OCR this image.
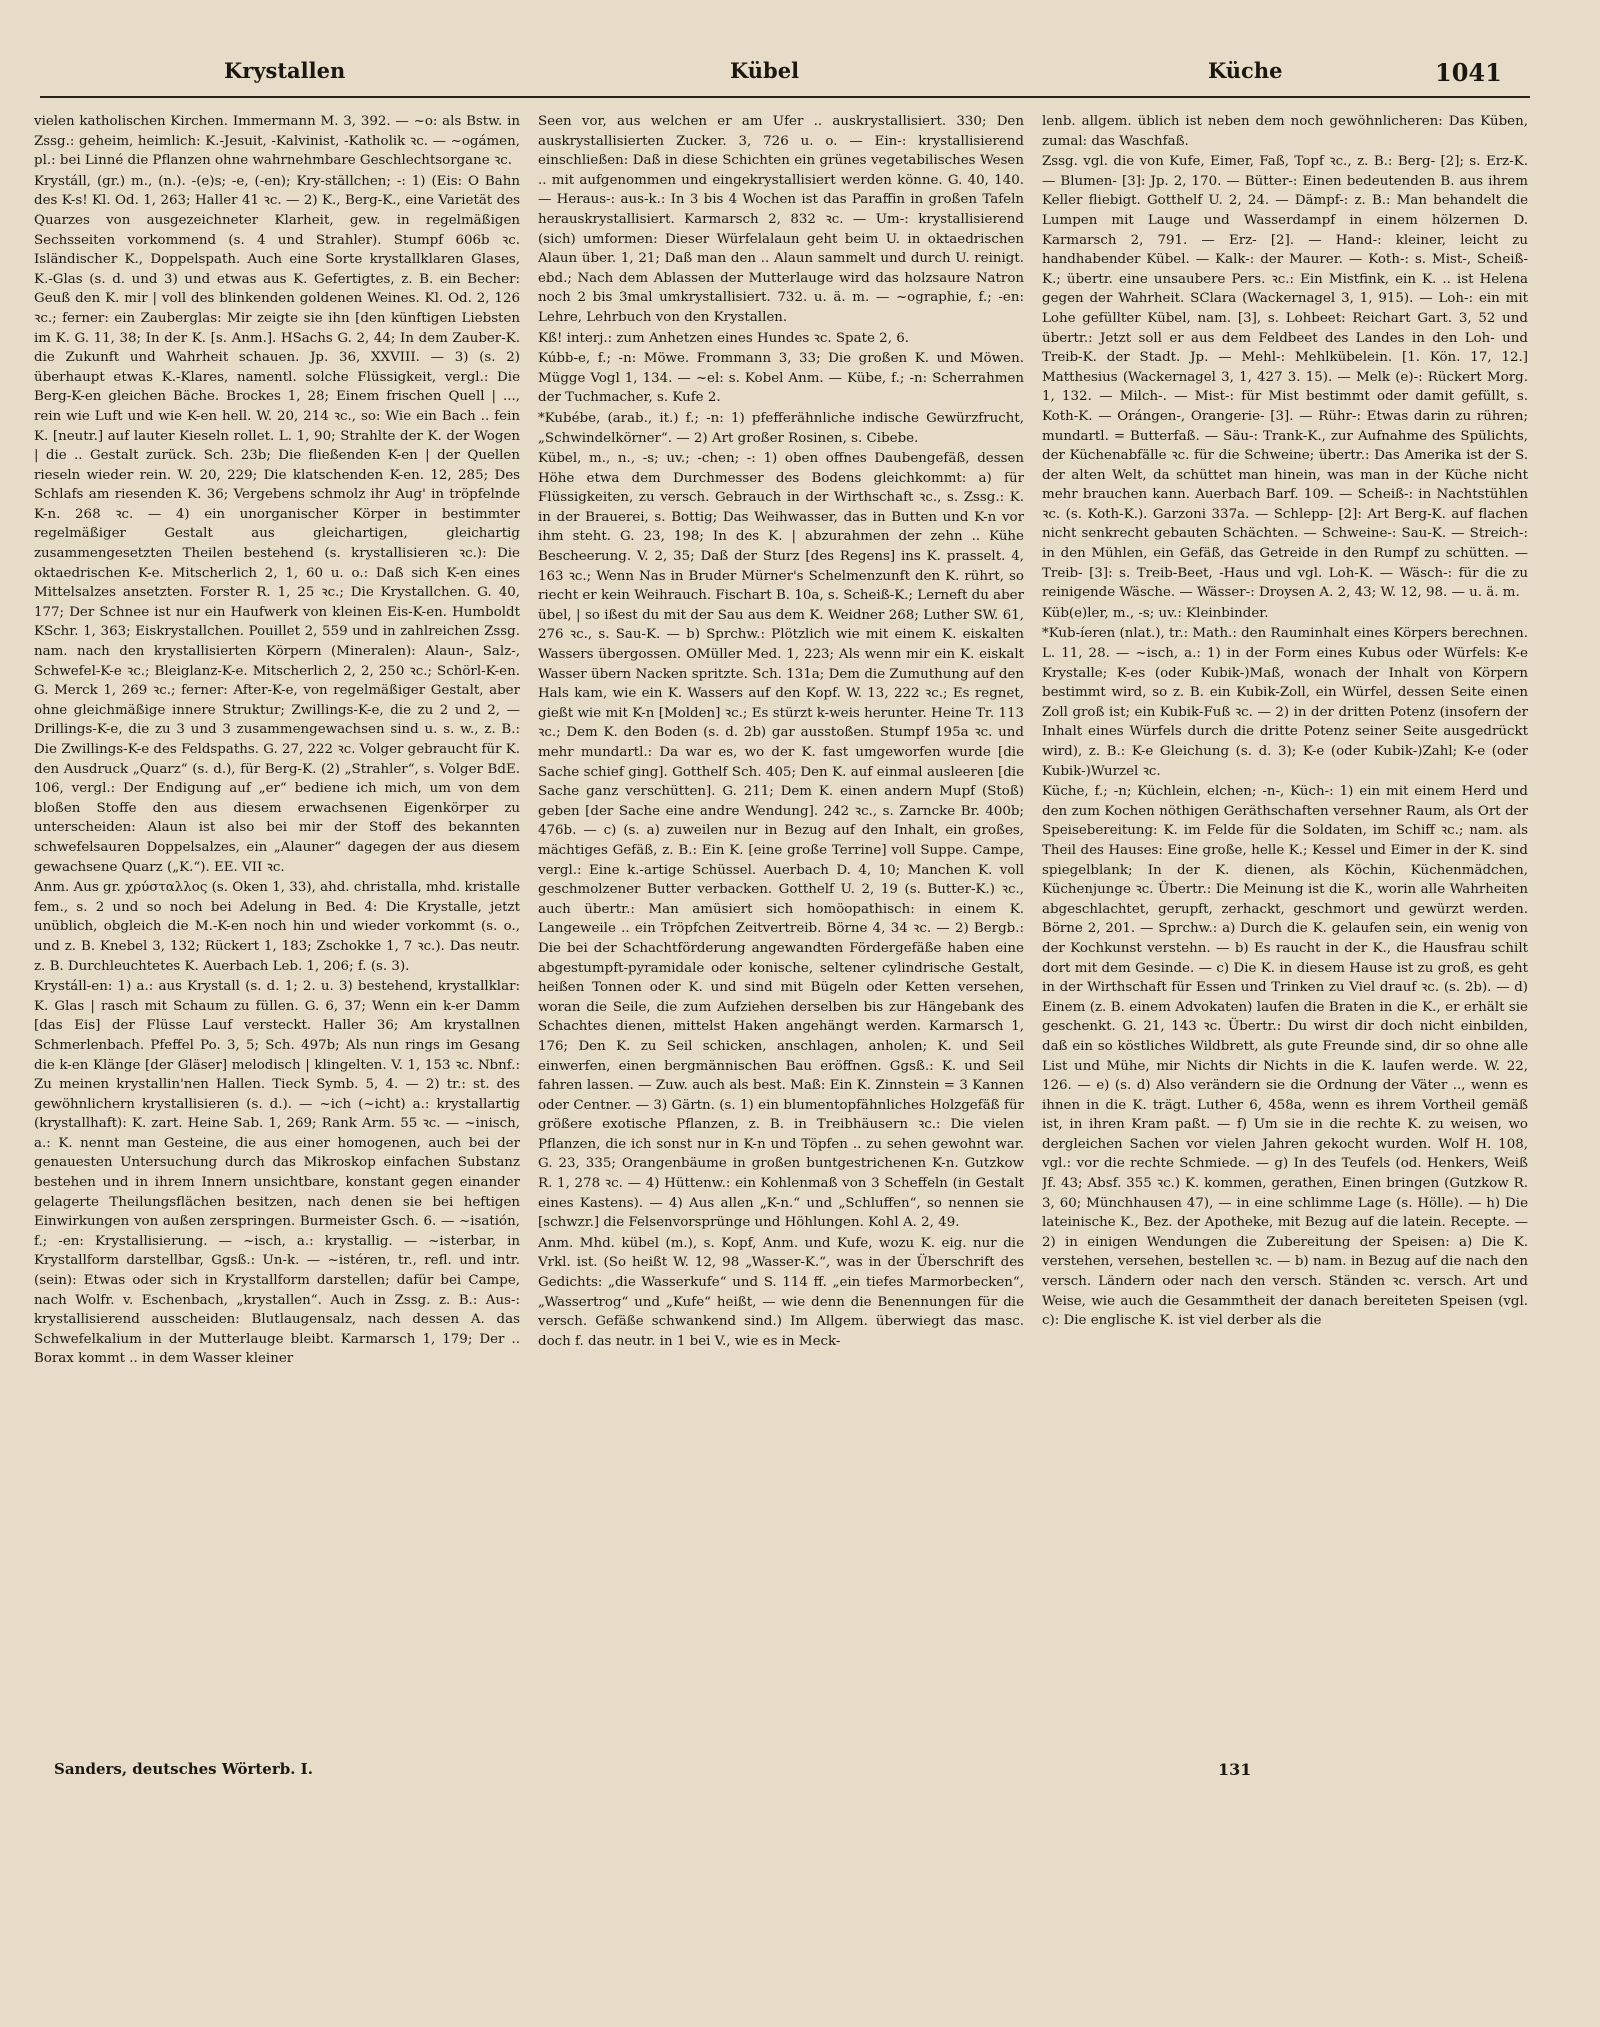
Krystallen	Kübel	Küche	1041

vielen katholischen Kirchen. Immermann M. 3, 392. — ~o: als Bstw. in Zssg.: geheim, heimlich: K.-Jesuit, -Kalvinist, -Katholik ꝛc. — ~ogámen, pl.: bei Linné die Pflanzen ohne wahrnehmbare Geschlechtsorgane ꝛc.

Krystáll, (gr.) m., (n.). -(e)s; -e, (-en); Kry-ställchen; -: 1) (Eis: O Bahn des K-s! Kl. Od. 1, 263; Haller 41 ꝛc. — 2) K., Berg-K., eine Varietät des Quarzes von ausgezeichneter Klarheit, gew. in regelmäßigen Sechsseiten vorkommend (s. 4 und Strahler). Stumpf 606b ꝛc. Isländischer K., Doppelspath. Auch eine Sorte krystallklaren Glases, K.-Glas (s. d. und 3) und etwas aus K. Gefertigtes, z. B. ein Becher: Geuß den K. mir | voll des blinkenden goldenen Weines. Kl. Od. 2, 126 ꝛc.; ferner: ein Zauberglas: Mir zeigte sie ihn [den künftigen Liebsten im K. G. 11, 38; In der K. [s. Anm.]. HSachs G. 2, 44; In dem Zauber-K. die Zukunft und Wahrheit schauen. Jp. 36, XXVIII. — 3) (s. 2) überhaupt etwas K.-Klares, namentl. solche Flüssigkeit, vergl.: Die Berg-K-en gleichen Bäche. Brockes 1, 28; Einem frischen Quell | ..., rein wie Luft und wie K-en hell. W. 20, 214 ꝛc., so: Wie ein Bach .. fein K. [neutr.] auf lauter Kieseln rollet. L. 1, 90; Strahlte der K. der Wogen | die .. Gestalt zurück. Sch. 23b; Die fließenden K-en | der Quellen rieseln wieder rein. W. 20, 229; Die klatschenden K-en. 12, 285; Des Schlafs am riesenden K. 36; Vergebens schmolz ihr Aug' in tröpfelnde K-n. 268 ꝛc. — 4) ein unorganischer Körper in bestimmter regelmäßiger Gestalt aus gleichartigen, gleichartig zusammengesetzten Theilen bestehend (s. krystallisieren ꝛc.): Die oktaedrischen K-e. Mitscherlich 2, 1, 60 u. o.: Daß sich K-en eines Mittelsalzes ansetzten. Forster R. 1, 25 ꝛc.; Die Krystallchen. G. 40, 177; Der Schnee ist nur ein Haufwerk von kleinen Eis-K-en. Humboldt KSchr. 1, 363; Eiskrystallchen. Pouillet 2, 559 und in zahlreichen Zssg. nam. nach den krystallisierten Körpern (Mineralen): Alaun-, Salz-, Schwefel-K-e ꝛc.; Bleiglanz-K-e. Mitscherlich 2, 2, 250 ꝛc.; Schörl-K-en. G. Merck 1, 269 ꝛc.; ferner: After-K-e, von regelmäßiger Gestalt, aber ohne gleichmäßige innere Struktur; Zwillings-K-e, die zu 2 und 2, — Drillings-K-e, die zu 3 und 3 zusammengewachsen sind u. s. w., z. B.: Die Zwillings-K-e des Feldspaths. G. 27, 222 ꝛc. Volger gebraucht für K. den Ausdruck „Quarz“ (s. d.), für Berg-K. (2) „Strahler“, s. Volger BdE. 106, vergl.: Der Endigung auf „er“ bediene ich mich, um von dem bloßen Stoffe den aus diesem erwachsenen Eigenkörper zu unterscheiden: Alaun ist also bei mir der Stoff des bekannten schwefelsauren Doppelsalzes, ein „Alauner“ dagegen der aus diesem gewachsene Quarz („K.“). EE. VII ꝛc.

Anm. Aus gr. χρύσταλλος (s. Oken 1, 33), ahd. christalla, mhd. kristalle fem., s. 2 und so noch bei Adelung in Bed. 4: Die Krystalle, jetzt unüblich, obgleich die M.-K-en noch hin und wieder vorkommt (s. o., und z. B. Knebel 3, 132; Rückert 1, 183; Zschokke 1, 7 ꝛc.). Das neutr. z. B. Durchleuchtetes K. Auerbach Leb. 1, 206; f. (s. 3).

Krystáll-en: 1) a.: aus Krystall (s. d. 1; 2. u. 3) bestehend, krystallklar: K. Glas | rasch mit Schaum zu füllen. G. 6, 37; Wenn ein k-er Damm [das Eis] der Flüsse Lauf versteckt. Haller 36; Am krystallnen Schmerlenbach. Pfeffel Po. 3, 5; Sch. 497b; Als nun rings im Gesang die k-en Klänge [der Gläser] melodisch | klingelten. V. 1, 153 ꝛc. Nbnf.: Zu meinen krystallin'nen Hallen. Tieck Symb. 5, 4. — 2) tr.: st. des gewöhnlichern krystallisieren (s. d.). — ~ich (~icht) a.: krystallartig (krystallhaft): K. zart. Heine Sab. 1, 269; Rank Arm. 55 ꝛc. — ~inisch, a.: K. nennt man Gesteine, die aus einer homogenen, auch bei der genauesten Untersuchung durch das Mikroskop einfachen Substanz bestehen und in ihrem Innern unsichtbare, konstant gegen einander gelagerte Theilungsflächen besitzen, nach denen sie bei heftigen Einwirkungen von außen zerspringen. Burmeister Gsch. 6. — ~isatión, f.; -en: Krystallisierung. — ~isch, a.: krystallig. — ~isterbar, in Krystallform darstellbar, Ggsß.: Un-k. — ~istéren, tr., refl. und intr. (sein): Etwas oder sich in Krystallform darstellen; dafür bei Campe, nach Wolfr. v. Eschenbach, „krystallen“. Auch in Zssg. z. B.: Aus-: krystallisierend ausscheiden: Blutlaugensalz, nach dessen A. das Schwefelkalium in der Mutterlauge bleibt. Karmarsch 1, 179; Der .. Borax kommt .. in dem Wasser kleiner

Seen vor, aus welchen er am Ufer .. auskrystallisiert. 330; Den auskrystallisierten Zucker. 3, 726 u. o. — Ein-: krystallisierend einschließen: Daß in diese Schichten ein grünes vegetabilisches Wesen .. mit aufgenommen und eingekrystallisiert werden könne. G. 40, 140. — Heraus-: aus-k.: In 3 bis 4 Wochen ist das Paraffin in großen Tafeln herauskrystallisiert. Karmarsch 2, 832 ꝛc. — Um-: krystallisierend (sich) umformen: Dieser Würfelalaun geht beim U. in oktaedrischen Alaun über. 1, 21; Daß man den .. Alaun sammelt und durch U. reinigt. ebd.; Nach dem Ablassen der Mutterlauge wird das holzsaure Natron noch 2 bis 3mal umkrystallisiert. 732. u. ä. m. — ~ographie, f.; -en: Lehre, Lehrbuch von den Krystallen.

Kß! interj.: zum Anhetzen eines Hundes ꝛc. Spate 2, 6.

Kúbb-e, f.; -n: Möwe. Frommann 3, 33; Die großen K. und Möwen. Mügge Vogl 1, 134. — ~el: s. Kobel Anm. — Kübe, f.; -n: Scherrahmen der Tuchmacher, s. Kufe 2.

*Kubébe, (arab., it.) f.; -n: 1) pfefferähnliche indische Gewürzfrucht, „Schwindelkörner“. — 2) Art großer Rosinen, s. Cibebe.

Kübel, m., n., -s; uv.; -chen; -: 1) oben offnes Daubengefäß, dessen Höhe etwa dem Durchmesser des Bodens gleichkommt: a) für Flüssigkeiten, zu versch. Gebrauch in der Wirthschaft ꝛc., s. Zssg.: K. in der Brauerei, s. Bottig; Das Weihwasser, das in Butten und K-n vor ihm steht. G. 23, 198; In des K. | abzurahmen der zehn .. Kühe Bescheerung. V. 2, 35; Daß der Sturz [des Regens] ins K. prasselt. 4, 163 ꝛc.; Wenn Nas in Bruder Mürner's Schelmenzunft den K. rührt, so riecht er kein Weihrauch. Fischart B. 10a, s. Scheiß-K.; Lerneft du aber übel, | so ißest du mit der Sau aus dem K. Weidner 268; Luther SW. 61, 276 ꝛc., s. Sau-K. — b) Sprchw.: Plötzlich wie mit einem K. eiskalten Wassers übergossen. OMüller Med. 1, 223; Als wenn mir ein K. eiskalt Wasser übern Nacken spritzte. Sch. 131a; Dem die Zumuthung auf den Hals kam, wie ein K. Wassers auf den Kopf. W. 13, 222 ꝛc.; Es regnet, gießt wie mit K-n [Molden] ꝛc.; Es stürzt k-weis herunter. Heine Tr. 113 ꝛc.; Dem K. den Boden (s. d. 2b) gar ausstoßen. Stumpf 195a ꝛc. und mehr mundartl.: Da war es, wo der K. fast umgeworfen wurde [die Sache schief ging]. Gotthelf Sch. 405; Den K. auf einmal ausleeren [die Sache ganz verschütten]. G. 211; Dem K. einen andern Mupf (Stoß) geben [der Sache eine andre Wendung]. 242 ꝛc., s. Zarncke Br. 400b; 476b. — c) (s. a) zuweilen nur in Bezug auf den Inhalt, ein großes, mächtiges Gefäß, z. B.: Ein K. [eine große Terrine] voll Suppe. Campe, vergl.: Eine k.-artige Schüssel. Auerbach D. 4, 10; Manchen K. voll geschmolzener Butter verbacken. Gotthelf U. 2, 19 (s. Butter-K.) ꝛc., auch übertr.: Man amüsiert sich homöopathisch: in einem K. Langeweile .. ein Tröpfchen Zeitvertreib. Börne 4, 34 ꝛc. — 2) Bergb.: Die bei der Schachtförderung angewandten Fördergefäße haben eine abgestumpft-pyramidale oder konische, seltener cylindrische Gestalt, heißen Tonnen oder K. und sind mit Bügeln oder Ketten versehen, woran die Seile, die zum Aufziehen derselben bis zur Hängebank des Schachtes dienen, mittelst Haken angehängt werden. Karmarsch 1, 176; Den K. zu Seil schicken, anschlagen, anholen; K. und Seil einwerfen, einen bergmännischen Bau eröffnen. Ggsß.: K. und Seil fahren lassen. — Zuw. auch als best. Maß: Ein K. Zinnstein = 3 Kannen oder Centner. — 3) Gärtn. (s. 1) ein blumentopfähnliches Holzgefäß für größere exotische Pflanzen, z. B. in Treibhäusern ꝛc.: Die vielen Pflanzen, die ich sonst nur in K-n und Töpfen .. zu sehen gewohnt war. G. 23, 335; Orangenbäume in großen buntgestrichenen K-n. Gutzkow R. 1, 278 ꝛc. — 4) Hüttenw.: ein Kohlenmaß von 3 Scheffeln (in Gestalt eines Kastens). — 4) Aus allen „K-n.“ und „Schluffen“, so nennen sie [schwzr.] die Felsenvorsprünge und Höhlungen. Kohl A. 2, 49.

Anm. Mhd. kübel (m.), s. Kopf, Anm. und Kufe, wozu K. eig. nur die Vrkl. ist. (So heißt W. 12, 98 „Wasser-K.“, was in der Überschrift des Gedichts: „die Wasserkufe“ und S. 114 ff. „ein tiefes Marmorbecken“, „Wassertrog“ und „Kufe“ heißt, — wie denn die Benennungen für die versch. Gefäße schwankend sind.) Im Allgem. überwiegt das masc. doch f. das neutr. in 1 bei V., wie es in Meck-

lenb. allgem. üblich ist neben dem noch gewöhnlicheren: Das Küben, zumal: das Waschfaß.

Zssg. vgl. die von Kufe, Eimer, Faß, Topf ꝛc., z. B.: Berg- [2]; s. Erz-K. — Blumen- [3]: Jp. 2, 170. — Bütter-: Einen bedeutenden B. aus ihrem Keller fliebigt. Gotthelf U. 2, 24. — Dämpf-: z. B.: Man behandelt die Lumpen mit Lauge und Wasserdampf in einem hölzernen D. Karmarsch 2, 791. — Erz- [2]. — Hand-: kleiner, leicht zu handhabender Kübel. — Kalk-: der Maurer. — Koth-: s. Mist-, Scheiß-K.; übertr. eine unsaubere Pers. ꝛc.: Ein Mistfink, ein K. .. ist Helena gegen der Wahrheit. SClara (Wackernagel 3, 1, 915). — Loh-: ein mit Lohe gefüllter Kübel, nam. [3], s. Lohbeet: Reichart Gart. 3, 52 und übertr.: Jetzt soll er aus dem Feldbeet des Landes in den Loh- und Treib-K. der Stadt. Jp. — Mehl-: Mehlkübelein. [1. Kön. 17, 12.] Matthesius (Wackernagel 3, 1, 427 3. 15). — Melk (e)-: Rückert Morg. 1, 132. — Milch-. — Mist-: für Mist bestimmt oder damit gefüllt, s. Koth-K. — Orángen-, Orangerie- [3]. — Rühr-: Etwas darin zu rühren; mundartl. = Butterfaß. — Säu-: Trank-K., zur Aufnahme des Spülichts, der Küchenabfälle ꝛc. für die Schweine; übertr.: Das Amerika ist der S. der alten Welt, da schüttet man hinein, was man in der Küche nicht mehr brauchen kann. Auerbach Barf. 109. — Scheiß-: in Nachtstühlen ꝛc. (s. Koth-K.). Garzoni 337a. — Schlepp- [2]: Art Berg-K. auf flachen nicht senkrecht gebauten Schächten. — Schweine-: Sau-K. — Streich-: in den Mühlen, ein Gefäß, das Getreide in den Rumpf zu schütten. — Treib- [3]: s. Treib-Beet, -Haus und vgl. Loh-K. — Wäsch-: für die zu reinigende Wäsche. — Wässer-: Droysen A. 2, 43; W. 12, 98. — u. ä. m.

Küb(e)ler, m., -s; uv.: Kleinbinder.

*Kub-íeren (nlat.), tr.: Math.: den Rauminhalt eines Körpers berechnen. L. 11, 28. — ~isch, a.: 1) in der Form eines Kubus oder Würfels: K-e Krystalle; K-es (oder Kubik-)Maß, wonach der Inhalt von Körpern bestimmt wird, so z. B. ein Kubik-Zoll, ein Würfel, dessen Seite einen Zoll groß ist; ein Kubik-Fuß ꝛc. — 2) in der dritten Potenz (insofern der Inhalt eines Würfels durch die dritte Potenz seiner Seite ausgedrückt wird), z. B.: K-e Gleichung (s. d. 3); K-e (oder Kubik-)Zahl; K-e (oder Kubik-)Wurzel ꝛc.

Küche, f.; -n; Küchlein, elchen; -n-, Küch-: 1) ein mit einem Herd und den zum Kochen nöthigen Geräthschaften versehner Raum, als Ort der Speisebereitung: K. im Felde für die Soldaten, im Schiff ꝛc.; nam. als Theil des Hauses: Eine große, helle K.; Kessel und Eimer in der K. sind spiegelblank; In der K. dienen, als Köchin, Küchenmädchen, Küchenjunge ꝛc. Übertr.: Die Meinung ist die K., worin alle Wahrheiten abgeschlachtet, gerupft, zerhackt, geschmort und gewürzt werden. Börne 2, 201. — Sprchw.: a) Durch die K. gelaufen sein, ein wenig von der Kochkunst verstehn. — b) Es raucht in der K., die Hausfrau schilt dort mit dem Gesinde. — c) Die K. in diesem Hause ist zu groß, es geht in der Wirthschaft für Essen und Trinken zu Viel drauf ꝛc. (s. 2b). — d) Einem (z. B. einem Advokaten) laufen die Braten in die K., er erhält sie geschenkt. G. 21, 143 ꝛc. Übertr.: Du wirst dir doch nicht einbilden, daß ein so köstliches Wildbrett, als gute Freunde sind, dir so ohne alle List und Mühe, mir Nichts dir Nichts in die K. laufen werde. W. 22, 126. — e) (s. d) Also verändern sie die Ordnung der Väter .., wenn es ihnen in die K. trägt. Luther 6, 458a, wenn es ihrem Vortheil gemäß ist, in ihren Kram paßt. — f) Um sie in die rechte K. zu weisen, wo dergleichen Sachen vor vielen Jahren gekocht wurden. Wolf H. 108, vgl.: vor die rechte Schmiede. — g) In des Teufels (od. Henkers, Weiß Jf. 43; Absf. 355 ꝛc.) K. kommen, gerathen, Einen bringen (Gutzkow R. 3, 60; Münchhausen 47), — in eine schlimme Lage (s. Hölle). — h) Die lateinische K., Bez. der Apotheke, mit Bezug auf die latein. Recepte. — 2) in einigen Wendungen die Zubereitung der Speisen: a) Die K. verstehen, versehen, bestellen ꝛc. — b) nam. in Bezug auf die nach den versch. Ländern oder nach den versch. Ständen ꝛc. versch. Art und Weise, wie auch die Gesammtheit der danach bereiteten Speisen (vgl. c): Die englische K. ist viel derber als die

Sanders, deutsches Wörterb. I.	131
